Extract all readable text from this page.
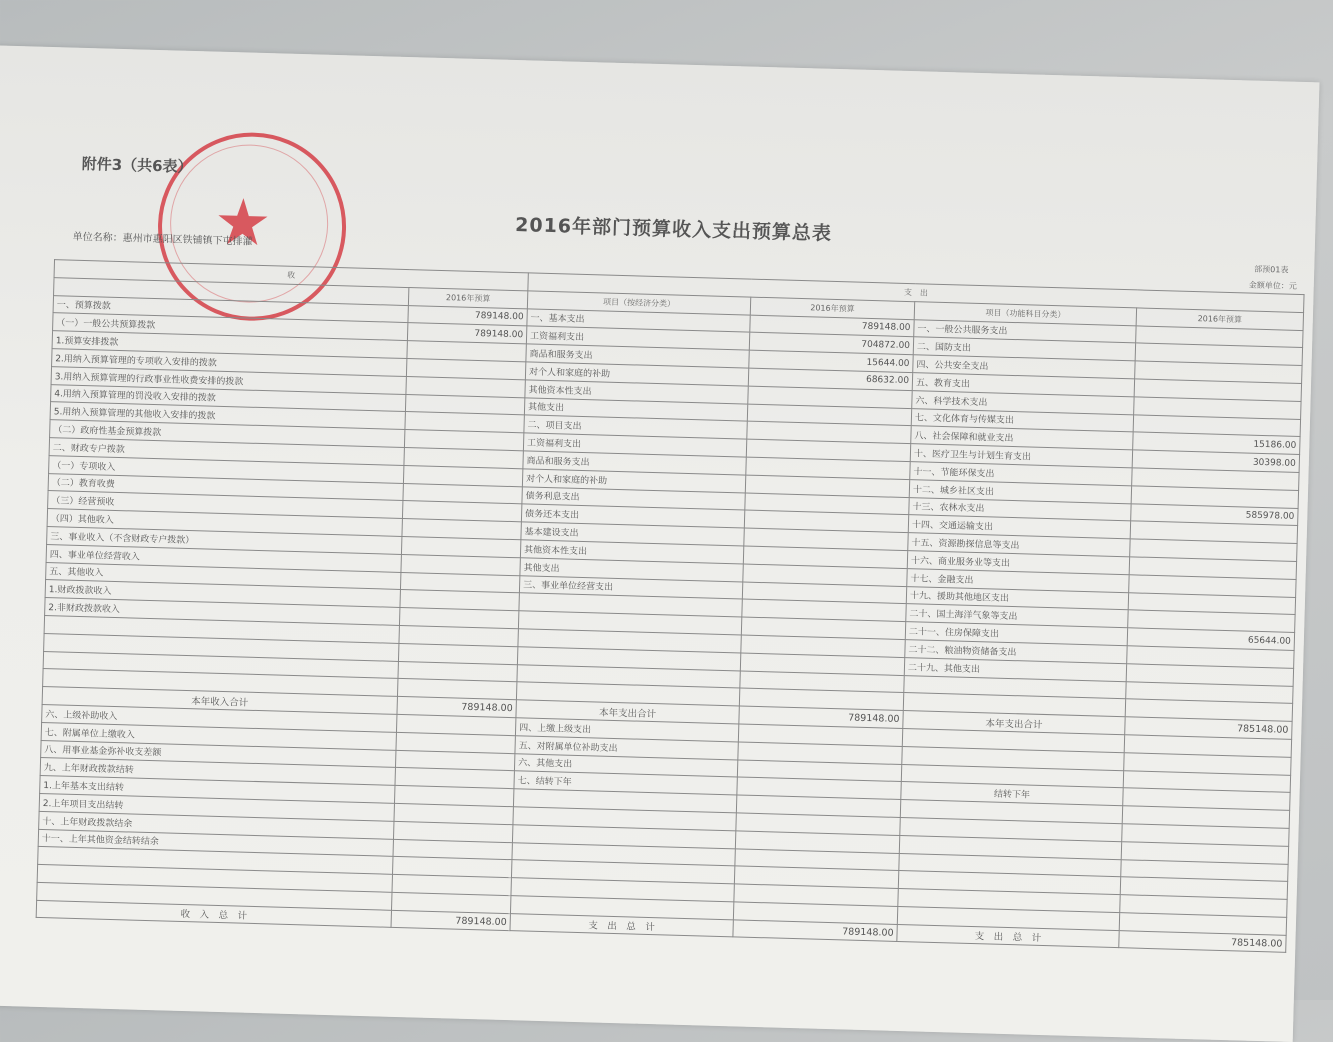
★
附件3（共6表）
2016年部门预算收入支出预算总表
单位名称：惠州市惠阳区铁铺镇下屯排灌
部预01表
金额单位：元
收		支　出			
	2016年预算	项目（按经济分类）	2016年预算	项目（功能科目分类）	2016年预算
一、预算拨款	789148.00	一、基本支出	789148.00	一、一般公共服务支出	
（一）一般公共预算拨款	789148.00	工资福利支出	704872.00	二、国防支出	
1.预算安排拨款		商品和服务支出	15644.00	四、公共安全支出	
2.用纳入预算管理的专项收入安排的拨款		对个人和家庭的补助	68632.00	五、教育支出	
3.用纳入预算管理的行政事业性收费安排的拨款		其他资本性支出		六、科学技术支出	
4.用纳入预算管理的罚没收入安排的拨款		其他支出		七、文化体育与传媒支出	
5.用纳入预算管理的其他收入安排的拨款		二、项目支出		八、社会保障和就业支出	15186.00
（二）政府性基金预算拨款		工资福利支出		十、医疗卫生与计划生育支出	30398.00
二、财政专户拨款		商品和服务支出		十一、节能环保支出	
（一）专项收入		对个人和家庭的补助		十二、城乡社区支出	
（二）教育收费		债务利息支出		十三、农林水支出	585978.00
（三）经营预收		债务还本支出		十四、交通运输支出	
（四）其他收入		基本建设支出		十五、资源勘探信息等支出	
三、事业收入（不含财政专户拨款）		其他资本性支出		十六、商业服务业等支出	
四、事业单位经营收入		其他支出		十七、金融支出	
五、其他收入		三、事业单位经营支出		十九、援助其他地区支出	
1.财政拨款收入				二十、国土海洋气象等支出	
2.非财政拨款收入				二十一、住房保障支出	65644.00
				二十二、粮油物资储备支出	
				二十九、其他支出	

本年收入合计	789148.00	本年支出合计	789148.00	本年支出合计	785148.00
六、上级补助收入		四、上缴上级支出			
七、附属单位上缴收入		五、对附属单位补助支出			
八、用事业基金弥补收支差额		六、其他支出			
九、上年财政拨款结转		七、结转下年		结转下年	
1.上年基本支出结转					
2.上年项目支出结转					
十、上年财政拨款结余					
十一、上年其他资金结转结余					

收　入　总　计	789148.00	支　出　总　计	789148.00	支　出　总　计	785148.00
